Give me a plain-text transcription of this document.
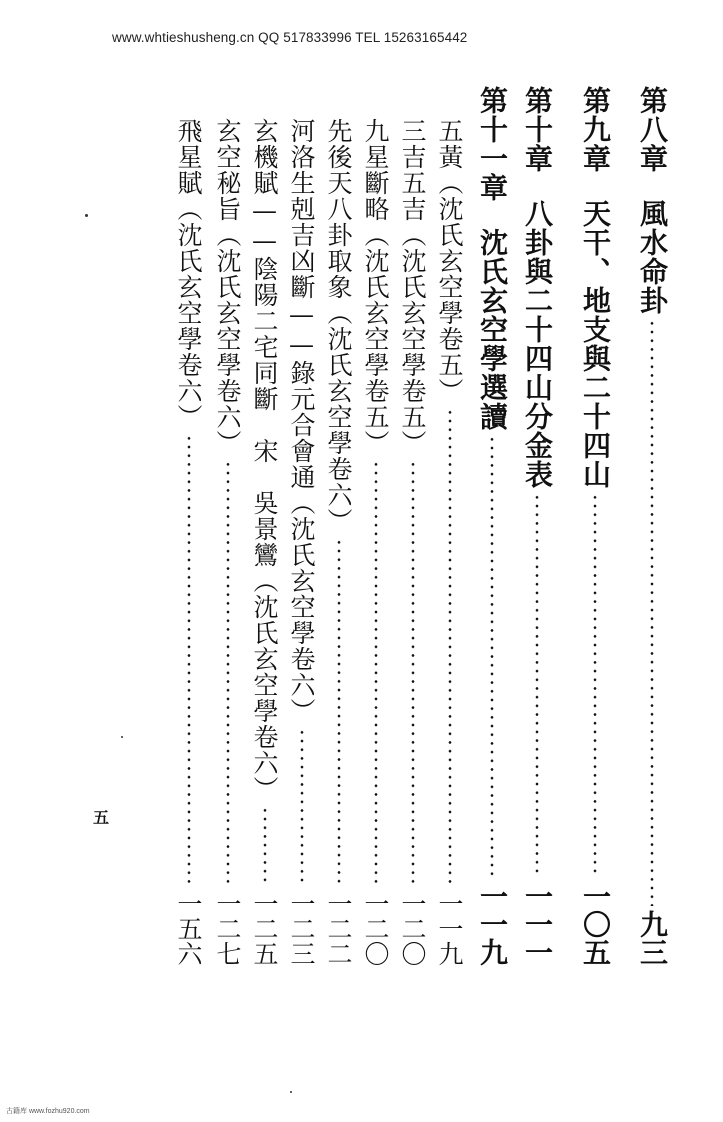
www.whtieshusheng.cn QQ 517833996 TEL 15263165442
第八章風水命卦
九三
第九章天干、地支與二十四山
一〇五
第十章八卦與二十四山分金表
一一一
第十一章沈氏玄空學選讀
一一九
五黃（沈氏玄空學卷五）
一一九
三吉五吉（沈氏玄空學卷五）
一二〇
九星斷略（沈氏玄空學卷五）
一二〇
先後天八卦取象（沈氏玄空學卷六）
一二二
河洛生剋吉凶斷——錄元合會通（沈氏玄空學卷六）
一二三
玄機賦——陰陽二宅同斷　宋　吳景鸞（沈氏玄空學卷六）
一二五
玄空秘旨（沈氏玄空學卷六）
一二七
飛星賦（沈氏玄空學卷六）
一五六
五
古籍库 www.fozhu920.com
